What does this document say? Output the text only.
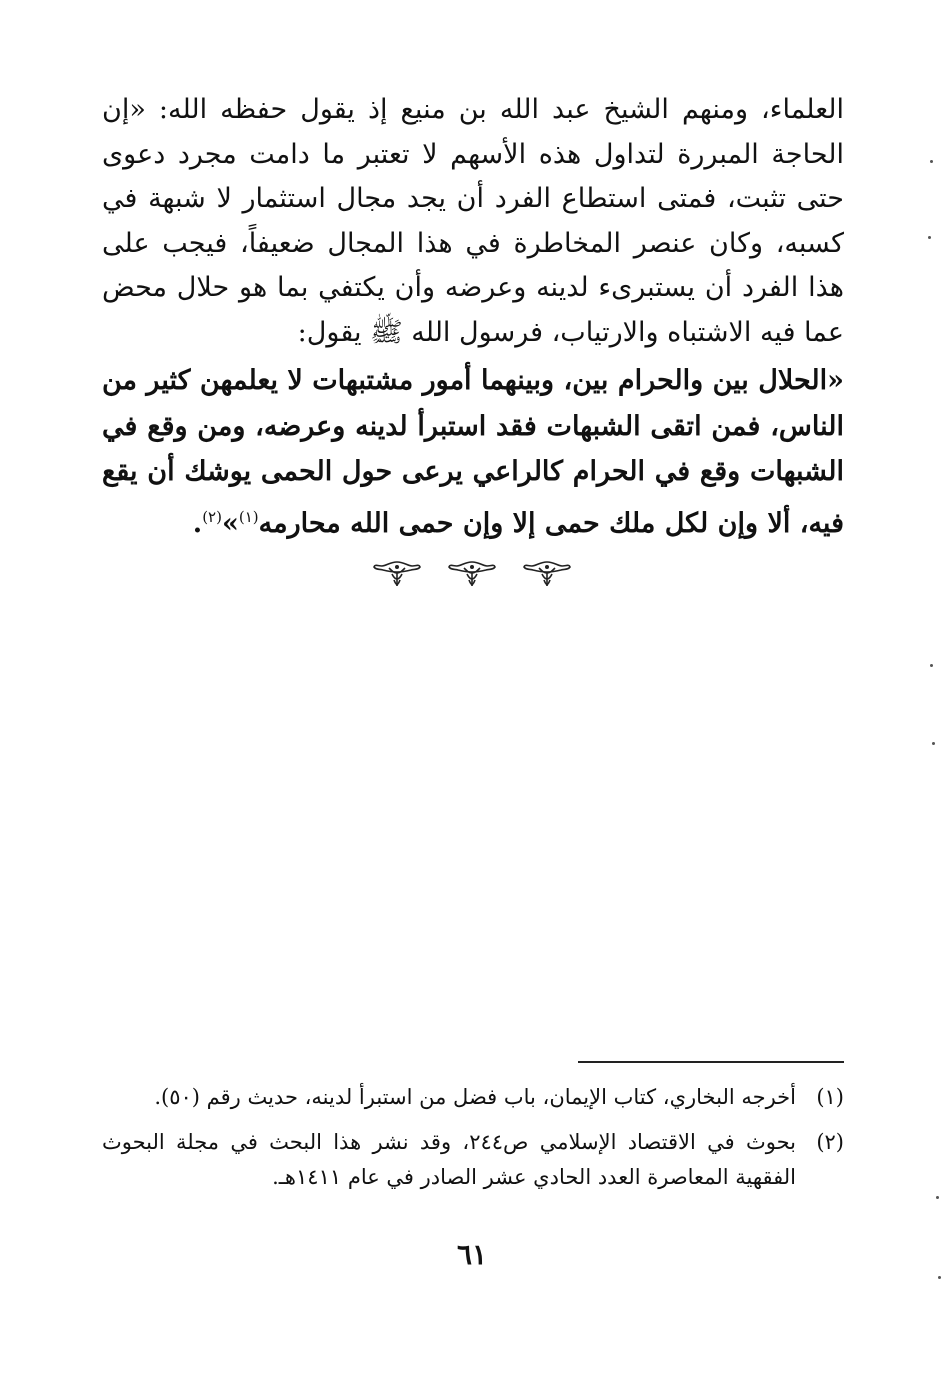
العلماء، ومنهم الشيخ عبد الله بن منيع إذ يقول حفظه الله: «إن الحاجة المبررة لتداول هذه الأسهم لا تعتبر ما دامت مجرد دعوى حتى تثبت، فمتى استطاع الفرد أن يجد مجال استثمار لا شبهة في كسبه، وكان عنصر المخاطرة في هذا المجال ضعيفاً، فيجب على هذا الفرد أن يستبرىء لدينه وعرضه وأن يكتفي بما هو حلال محض عما فيه الاشتباه والارتياب، فرسول الله ﷺ يقول:

«الحلال بين والحرام بين، وبينهما أمور مشتبهات لا يعلمهن كثير من الناس، فمن اتقى الشبهات فقد استبرأ لدينه وعرضه، ومن وقع في الشبهات وقع في الحرام كالراعي يرعى حول الحمى يوشك أن يقع فيه، ألا وإن لكل ملك حمى إلا وإن حمى الله محارمه$^{(١)}$»$^{(٢)}$.

(١)
أخرجه البخاري، كتاب الإيمان، باب فضل من استبرأ لدينه، حديث رقم (٥٠).
(٢)
بحوث في الاقتصاد الإسلامي ص٢٤٤، وقد نشر هذا البحث في مجلة البحوث الفقهية المعاصرة العدد الحادي عشر الصادر في عام ١٤١١هـ.
٦١
